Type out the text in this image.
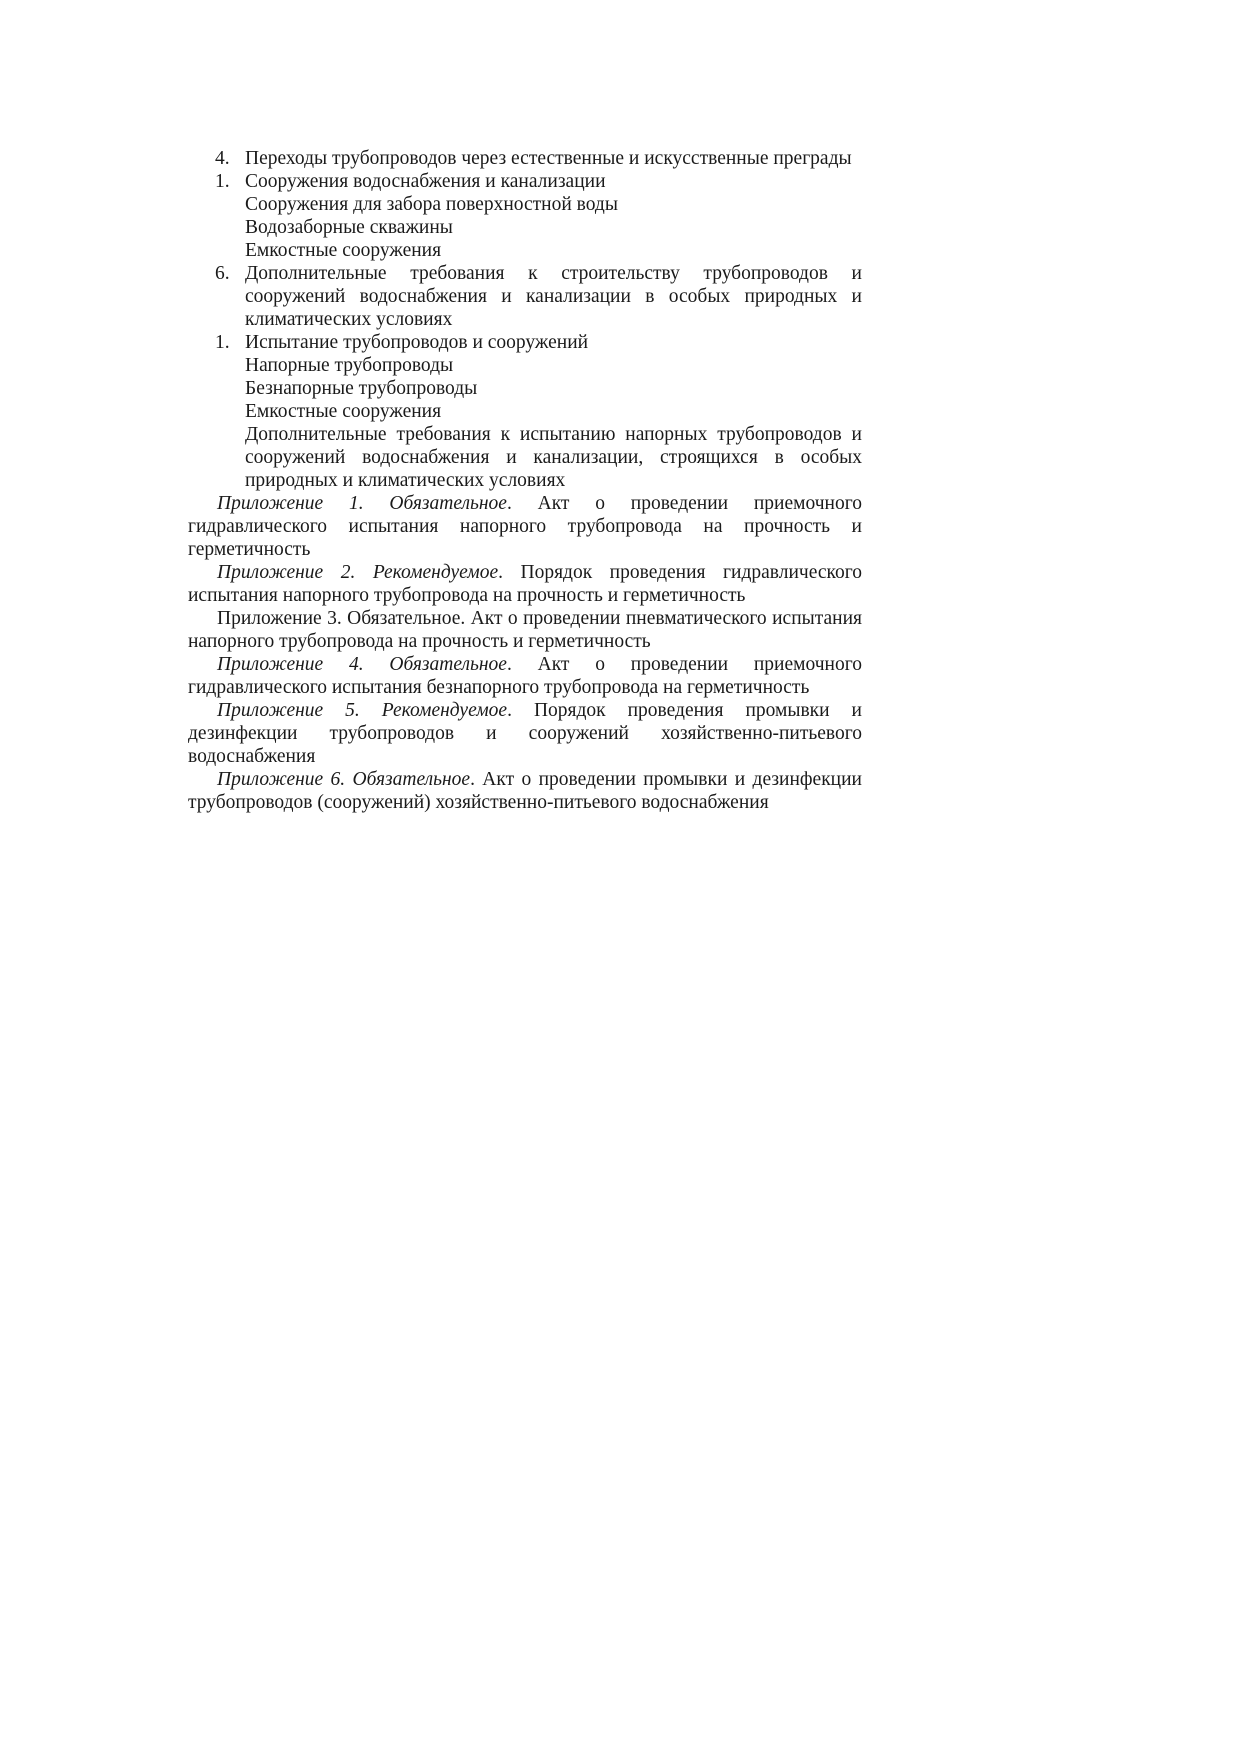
4. Переходы трубопроводов через естественные и искусственные преграды
1. Сооружения водоснабжения и канализации
Сооружения для забора поверхностной воды
Водозаборные скважины
Емкостные сооружения
6. Дополнительные требования к строительству трубопроводов и сооружений водоснабжения и канализации в особых природных и климатических условиях
1. Испытание трубопроводов и сооружений
Напорные трубопроводы
Безнапорные трубопроводы
Емкостные сооружения
Дополнительные требования к испытанию напорных трубопроводов и сооружений водоснабжения и канализации, строящихся в особых природных и климатических условиях
Приложение 1. Обязательное. Акт о проведении приемочного гидравлического испытания напорного трубопровода на прочность и герметичность
Приложение 2. Рекомендуемое. Порядок проведения гидравлического испытания напорного трубопровода на прочность и герметичность
Приложение 3. Обязательное. Акт о проведении пневматического испытания напорного трубопровода на прочность и герметичность
Приложение 4. Обязательное. Акт о проведении приемочного гидравлического испытания безнапорного трубопровода на герметичность
Приложение 5. Рекомендуемое. Порядок проведения промывки и дезинфекции трубопроводов и сооружений хозяйственно-питьевого водоснабжения
Приложение 6. Обязательное. Акт о проведении промывки и дезинфекции трубопроводов (сооружений) хозяйственно-питьевого водоснабжения
